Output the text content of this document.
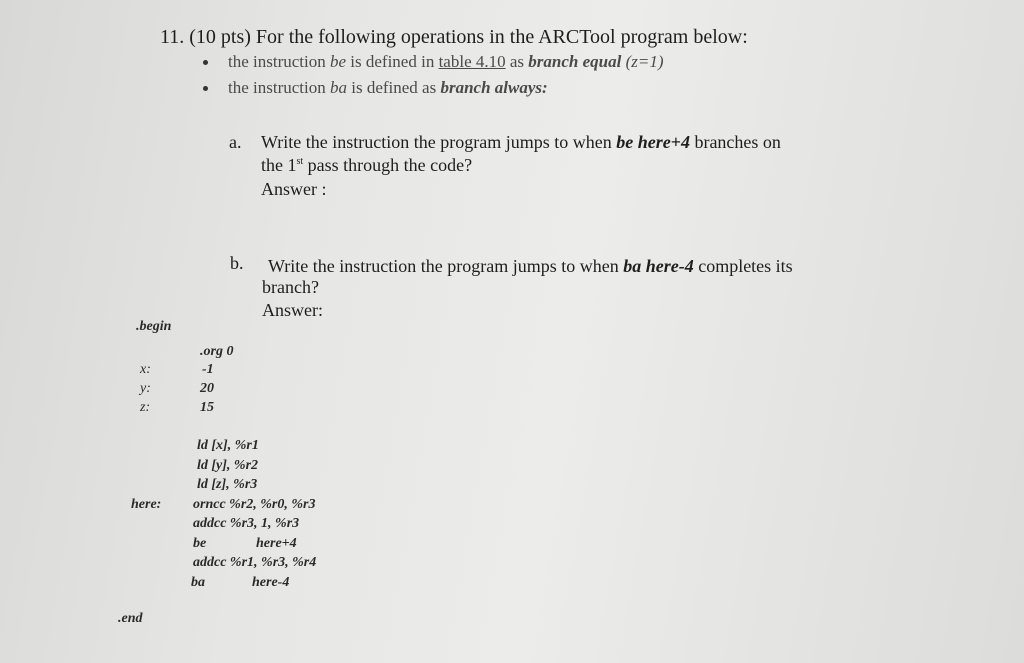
11. (10 pts) For the following operations in the ARCTool program below:
the instruction be is defined in table 4.10 as branch equal (z=1)
the instruction ba is defined as branch always:
a. Write the instruction the program jumps to when be here+4 branches on
the 1st pass through the code?
Answer :
b. Write the instruction the program jumps to when ba here-4 completes its
branch?
Answer:
.begin
.org 0
x:	-1
y:	20
z:	15
ld [x], %r1
ld [y], %r2
ld [z], %r3
here: orncc %r2, %r0, %r3
addcc %r3, 1, %r3
be	here+4
addcc %r1, %r3, %r4
ba	here-4
.end
